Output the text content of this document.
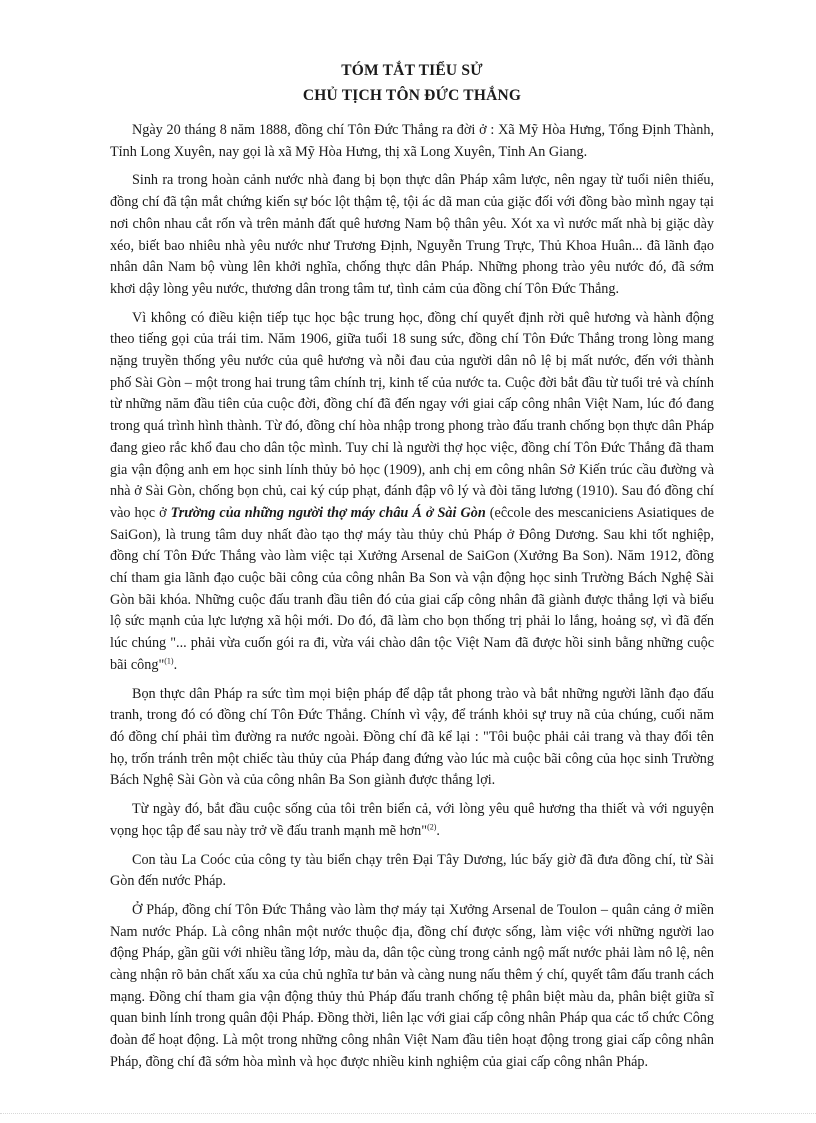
TÓM TẮT TIỂU SỬ
CHỦ TỊCH TÔN ĐỨC THẮNG

Ngày 20 tháng 8 năm 1888, đồng chí Tôn Đức Thắng ra đời ở : Xã Mỹ Hòa Hưng, Tổng Định Thành, Tỉnh Long Xuyên, nay gọi là xã Mỹ Hòa Hưng, thị xã Long Xuyên, Tỉnh An Giang.

Sinh ra trong hoàn cảnh nước nhà đang bị bọn thực dân Pháp xâm lược, nên ngay từ tuổi niên thiếu, đồng chí đã tận mắt chứng kiến sự bóc lột thậm tệ, tội ác dã man của giặc đối với đồng bào mình ngay tại nơi chôn nhau cắt rốn và trên mảnh đất quê hương Nam bộ thân yêu. Xót xa vì nước mất nhà bị giặc dày xéo, biết bao nhiêu nhà yêu nước như Trương Định, Nguyễn Trung Trực, Thủ Khoa Huân... đã lãnh đạo nhân dân Nam bộ vùng lên khởi nghĩa, chống thực dân Pháp. Những phong trào yêu nước đó, đã sớm khơi dậy lòng yêu nước, thương dân trong tâm tư, tình cảm của đồng chí Tôn Đức Thắng.

Vì không có điều kiện tiếp tục học bậc trung học, đồng chí quyết định rời quê hương và hành động theo tiếng gọi của trái tim. Năm 1906, giữa tuổi 18 sung sức, đồng chí Tôn Đức Thắng trong lòng mang nặng truyền thống yêu nước của quê hương và nỗi đau của người dân nô lệ bị mất nước, đến với thành phố Sài Gòn – một trong hai trung tâm chính trị, kinh tế của nước ta. Cuộc đời bắt đầu từ tuổi trẻ và chính từ những năm đầu tiên của cuộc đời, đồng chí đã đến ngay với giai cấp công nhân Việt Nam, lúc đó đang trong quá trình hình thành. Từ đó, đồng chí hòa nhập trong phong trào đấu tranh chống bọn thực dân Pháp đang gieo rắc khổ đau cho dân tộc mình. Tuy chỉ là người thợ học việc, đồng chí Tôn Đức Thắng đã tham gia vận động anh em học sinh lính thủy bỏ học (1909), anh chị em công nhân Sở Kiến trúc cầu đường và nhà ở Sài Gòn, chống bọn chủ, cai ký cúp phạt, đánh đập vô lý và đòi tăng lương (1910). Sau đó đồng chí vào học ở Trường của những người thợ máy châu Á ở Sài Gòn (eĉcole des mescaniciens Asiatiques de SaiGon), là trung tâm duy nhất đào tạo thợ máy tàu thủy chủ Pháp ở Đông Dương. Sau khi tốt nghiệp, đồng chí Tôn Đức Thắng vào làm việc tại Xưởng Arsenal de SaiGon (Xưởng Ba Son). Năm 1912, đồng chí tham gia lãnh đạo cuộc bãi công của công nhân Ba Son và vận động học sinh Trường Bách Nghệ Sài Gòn bãi khóa. Những cuộc đấu tranh đầu tiên đó của giai cấp công nhân đã giành được thắng lợi và biểu lộ sức mạnh của lực lượng xã hội mới. Do đó, đã làm cho bọn thống trị phải lo lắng, hoảng sợ, vì đã đến lúc chúng "... phải vừa cuốn gói ra đi, vừa vái chào dân tộc Việt Nam đã được hồi sinh bằng những cuộc bãi công"$^{(1)}$.

Bọn thực dân Pháp ra sức tìm mọi biện pháp để dập tắt phong trào và bắt những người lãnh đạo đấu tranh, trong đó có đồng chí Tôn Đức Thắng. Chính vì vậy, để tránh khỏi sự truy nã của chúng, cuối năm đó đồng chí phải tìm đường ra nước ngoài. Đồng chí đã kể lại : "Tôi buộc phải cải trang và thay đổi tên họ, trốn tránh trên một chiếc tàu thủy của Pháp đang đứng vào lúc mà cuộc bãi công của học sinh Trường Bách Nghệ Sài Gòn và của công nhân Ba Son giành được thắng lợi.

Từ ngày đó, bắt đầu cuộc sống của tôi trên biển cả, với lòng yêu quê hương tha thiết và với nguyện vọng học tập để sau này trở về đấu tranh mạnh mẽ hơn"$^{(2)}$.

Con tàu La Coóc của công ty tàu biển chạy trên Đại Tây Dương, lúc bấy giờ đã đưa đồng chí, từ Sài Gòn đến nước Pháp.

Ở Pháp, đồng chí Tôn Đức Thắng vào làm thợ máy tại Xưởng Arsenal de Toulon – quân cảng ở miền Nam nước Pháp. Là công nhân một nước thuộc địa, đồng chí được sống, làm việc với những người lao động Pháp, gần gũi với nhiều tầng lớp, màu da, dân tộc cùng trong cảnh ngộ mất nước phải làm nô lệ, nên càng nhận rõ bản chất xấu xa của chủ nghĩa tư bản và càng nung nấu thêm ý chí, quyết tâm đấu tranh cách mạng. Đồng chí tham gia vận động thủy thủ Pháp đấu tranh chống tệ phân biệt màu da, phân biệt giữa sĩ quan binh lính trong quân đội Pháp. Đồng thời, liên lạc với giai cấp công nhân Pháp qua các tổ chức Công đoàn để hoạt động. Là một trong những công nhân Việt Nam đầu tiên hoạt động trong giai cấp công nhân Pháp, đồng chí đã sớm hòa mình và học được nhiều kinh nghiệm của giai cấp công nhân Pháp.
